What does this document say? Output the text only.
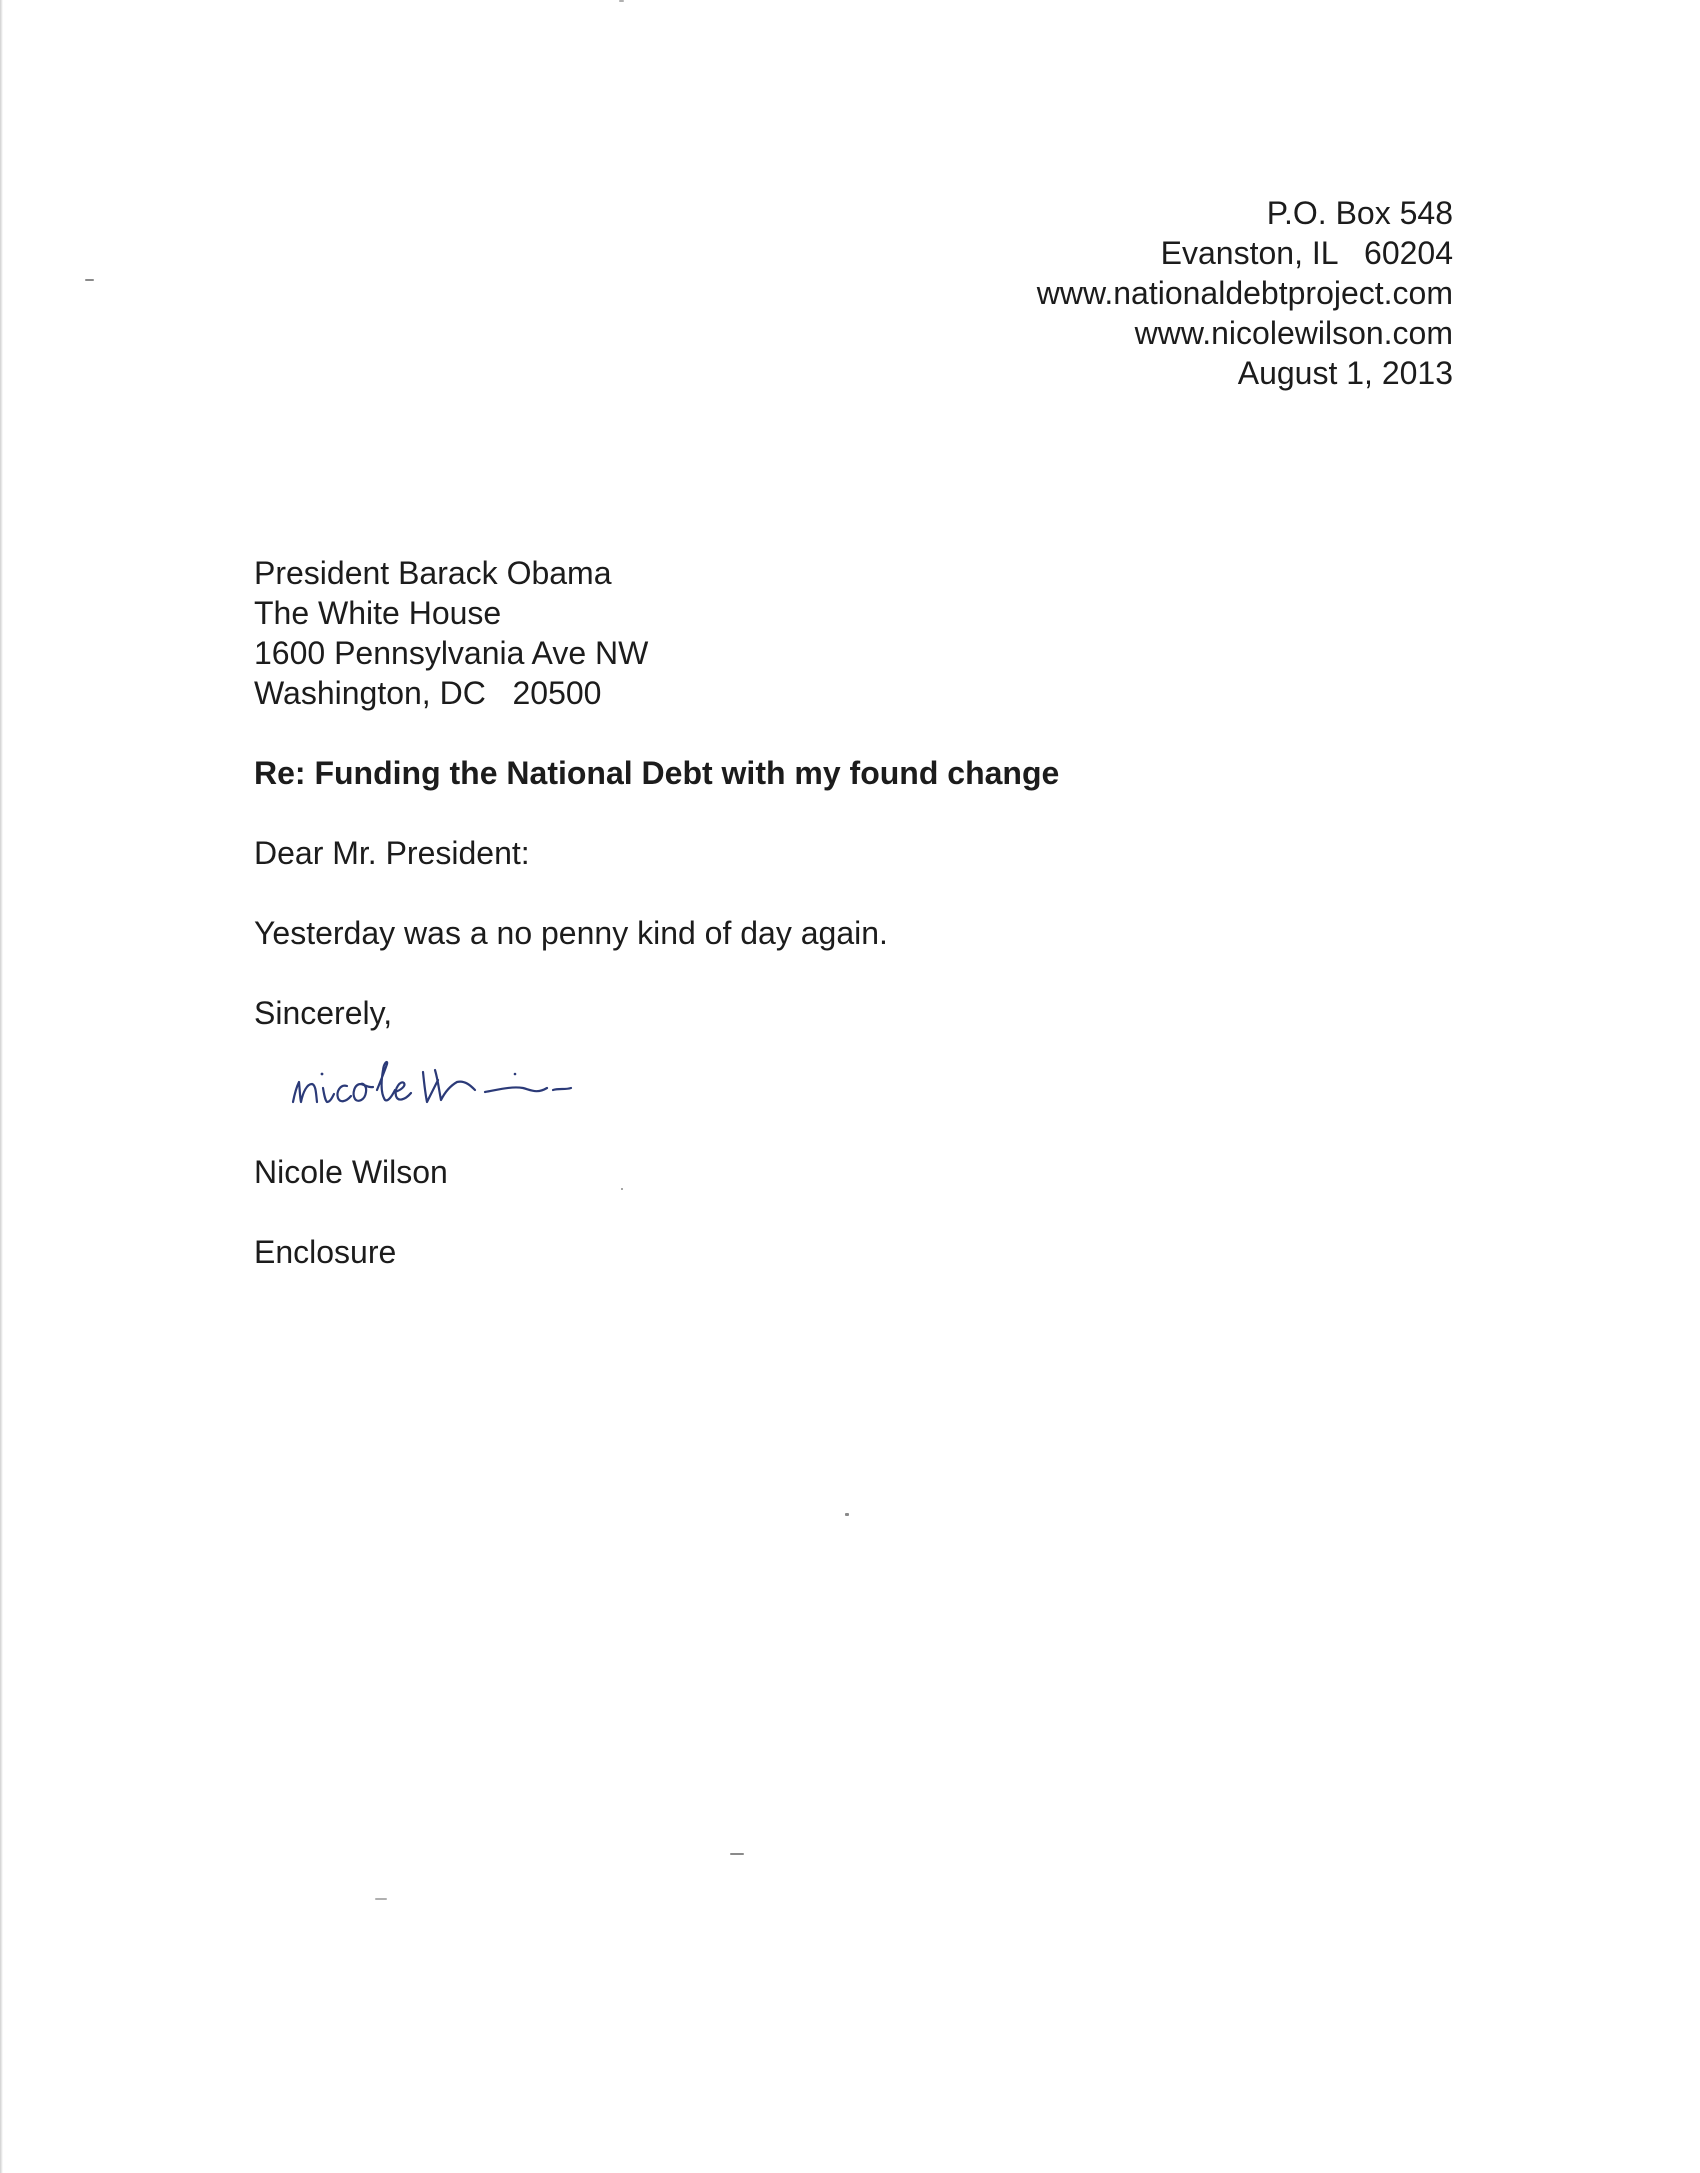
P.O. Box 548
Evanston, IL   60204
www.nationaldebtproject.com
www.nicolewilson.com
August 1, 2013
President Barack Obama
The White House
1600 Pennsylvania Ave NW
Washington, DC   20500
Re: Funding the National Debt with my found change
Dear Mr. President:
Yesterday was a no penny kind of day again.
Sincerely,
Nicole Wilson
Enclosure
